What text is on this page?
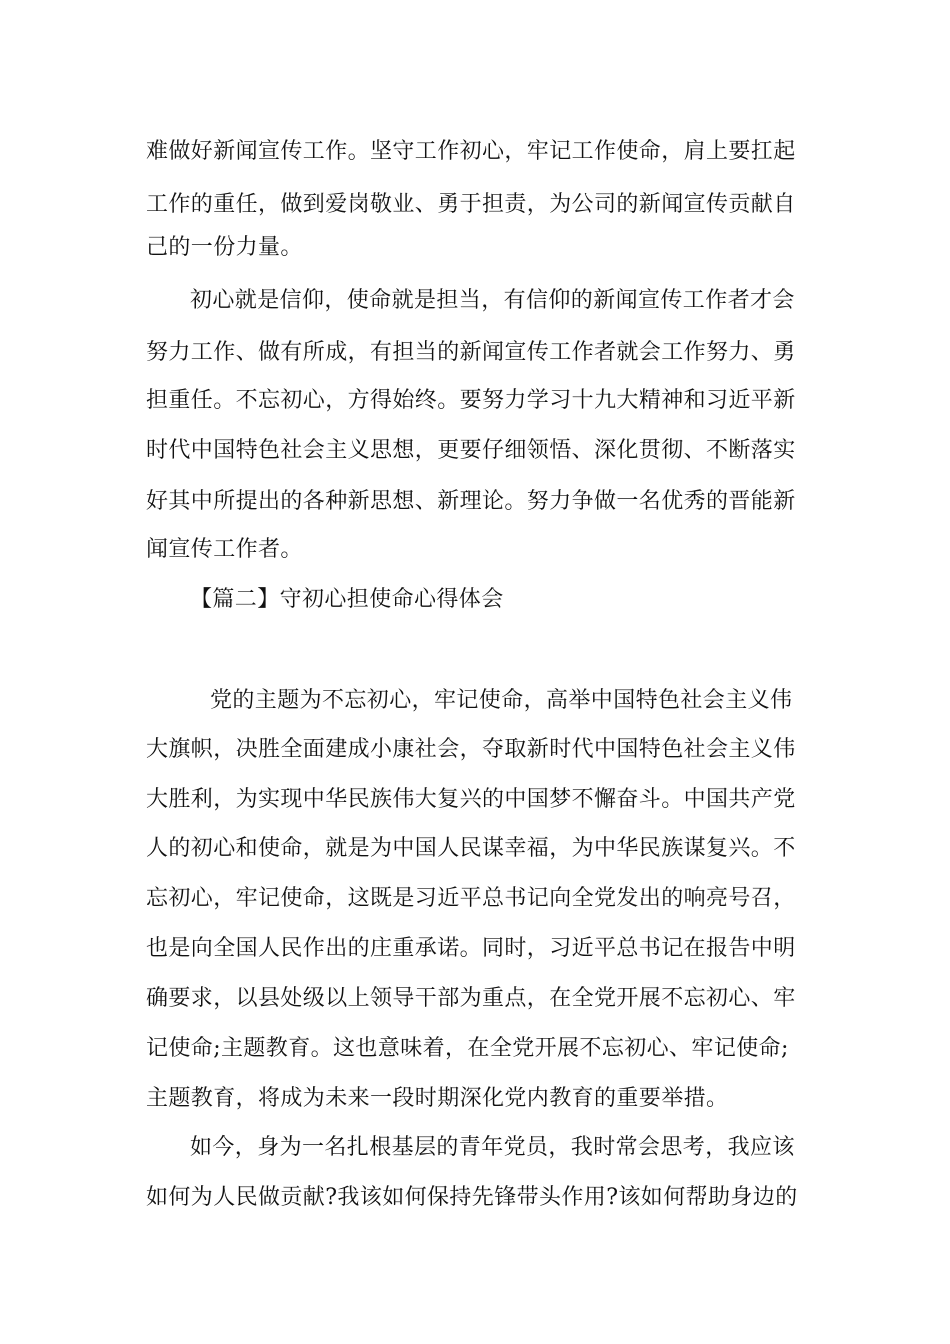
难做好新闻宣传工作。坚守工作初心，牢记工作使命，肩上要扛起
工作的重任，做到爱岗敬业、勇于担责，为公司的新闻宣传贡献自
己的一份力量。
初心就是信仰，使命就是担当，有信仰的新闻宣传工作者才会
努力工作、做有所成，有担当的新闻宣传工作者就会工作努力、勇
担重任。不忘初心，方得始终。要努力学习十九大精神和习近平新
时代中国特色社会主义思想，更要仔细领悟、深化贯彻、不断落实
好其中所提出的各种新思想、新理论。努力争做一名优秀的晋能新
闻宣传工作者。
【篇二】守初心担使命心得体会
党的主题为不忘初心，牢记使命，高举中国特色社会主义伟
大旗帜，决胜全面建成小康社会，夺取新时代中国特色社会主义伟
大胜利，为实现中华民族伟大复兴的中国梦不懈奋斗。中国共产党
人的初心和使命，就是为中国人民谋幸福，为中华民族谋复兴。不
忘初心，牢记使命，这既是习近平总书记向全党发出的响亮号召，
也是向全国人民作出的庄重承诺。同时，习近平总书记在报告中明
确要求，以县处级以上领导干部为重点，在全党开展不忘初心、牢
记使命;主题教育。这也意味着，在全党开展不忘初心、牢记使命;
主题教育，将成为未来一段时期深化党内教育的重要举措。
如今，身为一名扎根基层的青年党员，我时常会思考，我应该
如何为人民做贡献?我该如何保持先锋带头作用?该如何帮助身边的
